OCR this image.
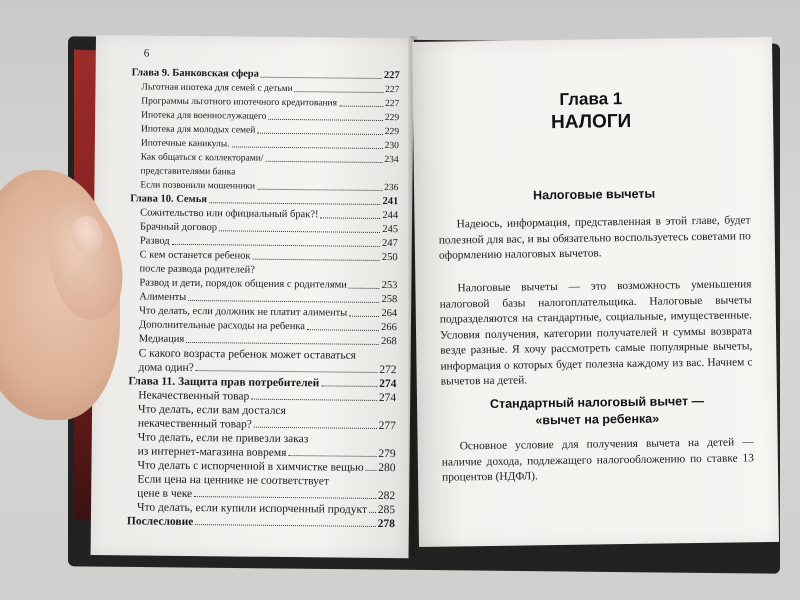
6
Глава 9. Банковская сфера	227
Льготная ипотека для семей с детьми	227
Программы льготного ипотечного кредитования	227
Ипотека для военнослужащего	229
Ипотека для молодых семей	229
Ипотечные каникулы.	230
Как общаться с коллекторами/	234
представителями банка
Если позвонили мошенники	236
Глава 10. Семья	241
Сожительство или официальный брак?!	244
Брачный договор	245
Развод	247
С кем останется ребенок	250
после развода родителей?
Развод и дети, порядок общения с родителями	253
Алименты	258
Что делать, если должник не платит алименты	264
Дополнительные расходы на ребенка	266
Медиация	268
С какого возраста ребенок может оставаться
дома один?	272
Глава 11. Защита прав потребителей	274
Некачественный товар	274
Что делать, если вам достался
некачественный товар?	277
Что делать, если не привезли заказ
из интернет-магазина вовремя	279
Что делать с испорченной в химчистке вещью 280
Если цена на ценнике не соответствует
цене в чеке	282
Что делать, если купили испорченный продукт 285
Послесловие	278
Глава 1
НАЛОГИ
Налоговые вычеты
Надеюсь, информация, представленная в этой главе, будет полезной для вас, и вы обязательно воспользуетесь советами по оформлению налоговых вычетов.
Налоговые вычеты — это возможность уменьшения налоговой базы налогоплательщика. Налоговые вычеты подразделяются на стандартные, социальные, имущественные. Условия получения, категории получателей и суммы возврата везде разные. Я хочу рассмотреть самые популярные вычеты, информация о которых будет полезна каждому из вас. Начнем с вычетов на детей.
Стандартный налоговый вычет —
«вычет на ребенка»
Основное условие для получения вычета на детей — наличие дохода, подлежащего налогообложению по ставке 13 процентов (НДФЛ).
